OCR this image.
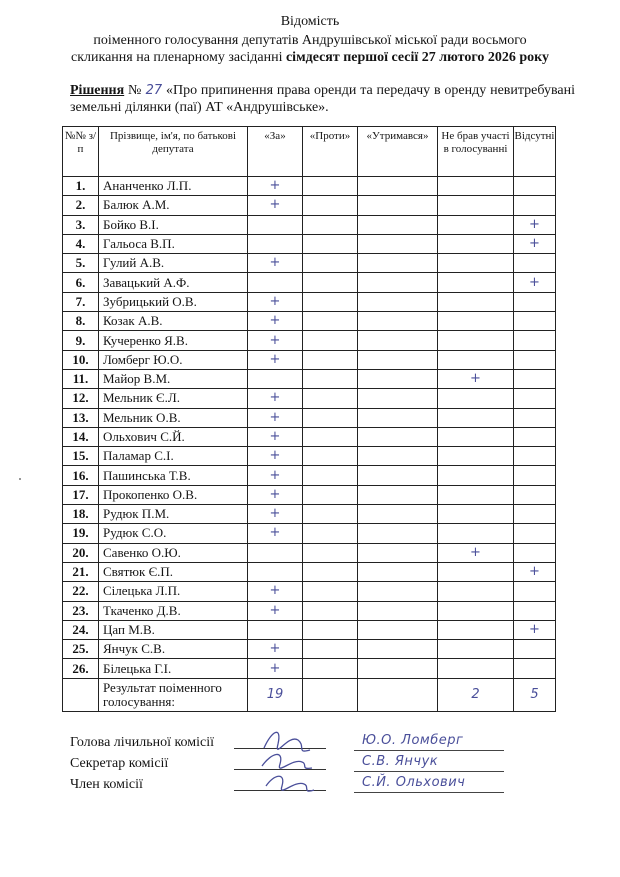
Відомість
поіменного голосування депутатів Андрушівської міської ради восьмого
скликання на пленарному засіданні сімдесят першої сесії 27 лютого 2026 року
Рішення № 27 «Про припинення права оренди та передачу в оренду невитребувані земельні ділянки (паї) АТ «Андрушівське».
№№ з/п	Прізвище, ім'я, по батькові депутата	«За»	«Проти»	«Утримався»	Не брав участі в голосуванні	Відсутні
1.	Ананченко Л.П.	+				
2.	Балюк А.М.	+				
3.	Бойко В.І.					+
4.	Гальоса В.П.					+
5.	Гулий А.В.	+				
6.	Завацький А.Ф.					+
7.	Зубрицький О.В.	+				
8.	Козак А.В.	+				
9.	Кучеренко Я.В.	+				
10.	Ломберг Ю.О.	+				
11.	Майор В.М.				+	
12.	Мельник Є.Л.	+				
13.	Мельник О.В.	+				
14.	Ольхович С.Й.	+				
15.	Паламар С.І.	+				
16.	Пашинська Т.В.	+				
17.	Прокопенко О.В.	+				
18.	Рудюк П.М.	+				
19.	Рудюк С.О.	+				
20.	Савенко О.Ю.				+	
21.	Святюк Є.П.					+
22.	Сілецька Л.П.	+				
23.	Ткаченко Д.В.	+				
24.	Цап М.В.					+
25.	Янчук С.В.	+				
26.	Білецька Г.І.	+				
	Результат поіменного голосування:	19			2	5
Голова лічильної комісії
Секретар комісії
Член комісії
Ю.О. Ломберг
С.В. Янчук
С.Й. Ольхович
